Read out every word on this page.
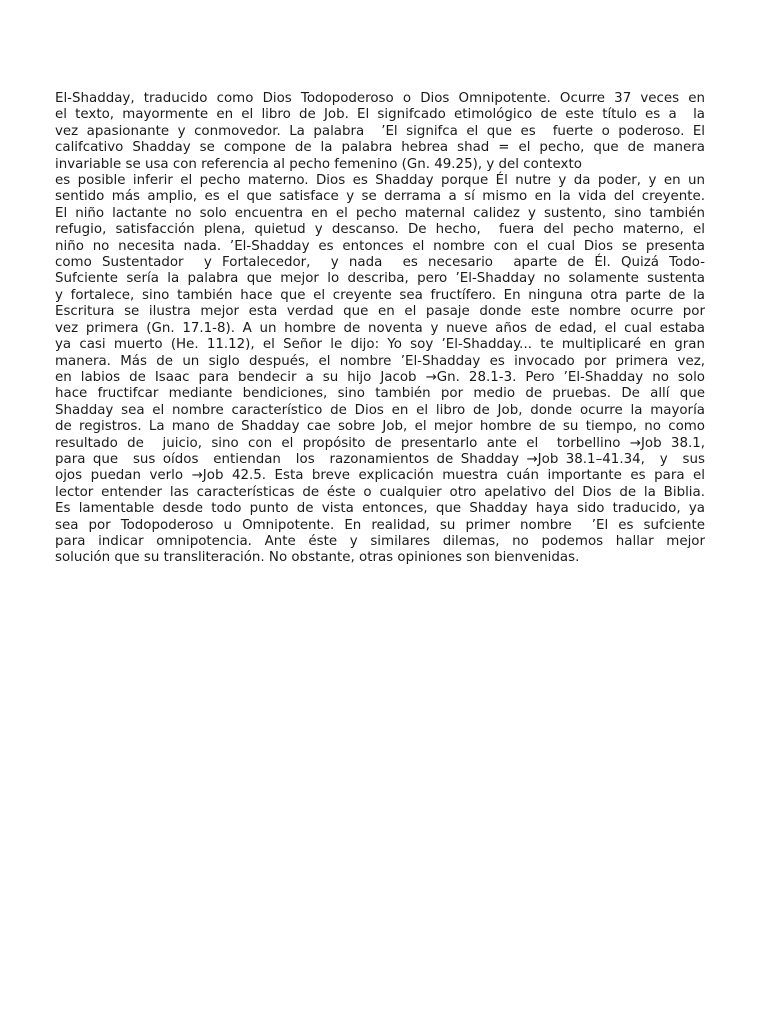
El-Shadday, traducido como Dios Todopoderoso o Dios Omnipotente. Ocurre 37 veces en
el texto, mayormente en el libro de Job. El signifcado etimológico de este título es a  la
vez apasionante y conmovedor. La palabra  ’El signifca el que es  fuerte o poderoso. El
califcativo Shadday se compone de la palabra hebrea shad = el pecho, que de manera
invariable se usa con referencia al pecho femenino (Gn. 49.25), y del contexto
es posible inferir el pecho materno. Dios es Shadday porque Él nutre y da poder, y en un
sentido más amplio, es el que satisface y se derrama a sí mismo en la vida del creyente.
El niño lactante no solo encuentra en el pecho maternal calidez y sustento, sino también
refugio, satisfacción plena, quietud y descanso. De hecho,  fuera del pecho materno, el
niño no necesita nada. ’El-Shadday es entonces el nombre con el cual Dios se presenta
como Sustentador  y Fortalecedor,  y nada  es necesario  aparte de Él. Quizá Todo-
Sufciente sería la palabra que mejor lo describa, pero ’El-Shadday no solamente sustenta
y fortalece, sino también hace que el creyente sea fructífero. En ninguna otra parte de la
Escritura se ilustra mejor esta verdad que en el pasaje donde este nombre ocurre por
vez primera (Gn. 17.1-8). A un hombre de noventa y nueve años de edad, el cual estaba
ya casi muerto (He. 11.12), el Señor le dijo: Yo soy ’El-Shadday... te multiplicaré en gran
manera. Más de un siglo después, el nombre ’El-Shadday es invocado por primera vez,
en labios de Isaac para bendecir a su hijo Jacob →Gn. 28.1-3. Pero ’El-Shadday no solo
hace fructifcar mediante bendiciones, sino también por medio de pruebas. De allí que
Shadday sea el nombre característico de Dios en el libro de Job, donde ocurre la mayoría
de registros. La mano de Shadday cae sobre Job, el mejor hombre de su tiempo, no como
resultado de  juicio, sino con el propósito de presentarlo ante el  torbellino →Job 38.1,
para que  sus oídos  entiendan  los  razonamientos de Shadday →Job 38.1–41.34,  y  sus
ojos puedan verlo →Job 42.5. Esta breve explicación muestra cuán importante es para el
lector entender las características de éste o cualquier otro apelativo del Dios de la Biblia.
Es lamentable desde todo punto de vista entonces, que Shadday haya sido traducido, ya
sea por Todopoderoso u Omnipotente. En realidad, su primer nombre  ’El es sufciente
para indicar omnipotencia. Ante éste y similares dilemas, no podemos hallar mejor
solución que su transliteración. No obstante, otras opiniones son bienvenidas.
